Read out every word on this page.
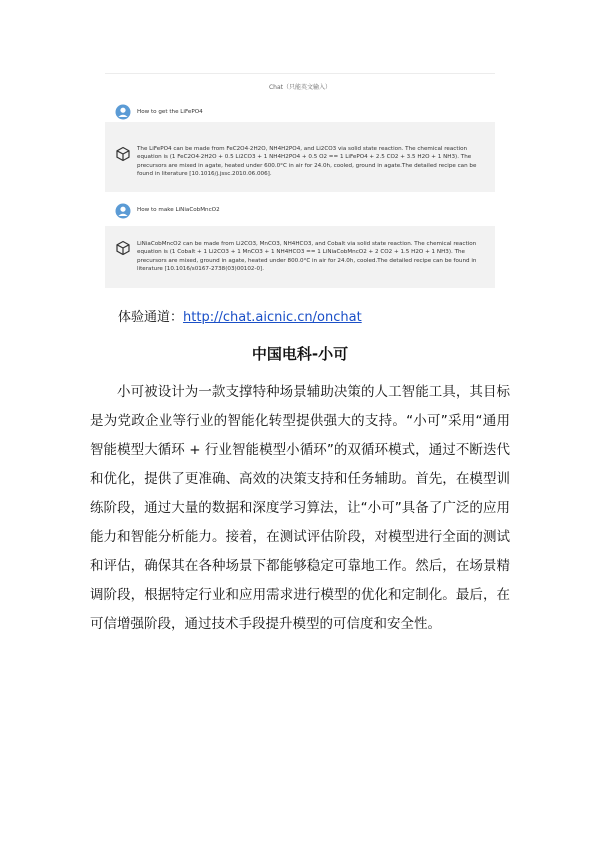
Chat（只能英文输入）
How to get the LiFePO4
The LiFePO4 can be made from FeC2O4·2H2O, NH4H2PO4, and Li2CO3 via solid state reaction. The chemical reaction equation is (1 FeC2O4·2H2O + 0.5 Li2CO3 + 1 NH4H2PO4 + 0.5 O2 == 1 LiFePO4 + 2.5 CO2 + 3.5 H2O + 1 NH3). The precursors are mixed in agate, heated under 600.0°C in air for 24.0h, cooled, ground in agate.The detailed recipe can be found in literature [10.1016/j.jssc.2010.06.006].
How to make LiNiaCobMncO2
LiNiaCobMncO2 can be made from Li2CO3, MnCO3, NH4HCO3, and Cobalt via solid state reaction. The chemical reaction equation is (1 Cobalt + 1 Li2CO3 + 1 MnCO3 + 1 NH4HCO3 == 1 LiNiaCobMncO2 + 2 CO2 + 1.5 H2O + 1 NH3). The precursors are mixed, ground in agate, heated under 800.0°C in air for 24.0h, cooled.The detailed recipe can be found in literature [10.1016/s0167-2738(03)00102-0].
体验通道：http://chat.aicnic.cn/onchat
中国电科-小可

小可被设计为一款支撑特种场景辅助决策的人工智能工具，其目标是为党政企业等行业的智能化转型提供强大的支持。“小可”采用“通用智能模型大循环 + 行业智能模型小循环”的双循环模式，通过不断迭代和优化，提供了更准确、高效的决策支持和任务辅助。首先，在模型训练阶段，通过大量的数据和深度学习算法，让“小可”具备了广泛的应用能力和智能分析能力。接着，在测试评估阶段，对模型进行全面的测试和评估，确保其在各种场景下都能够稳定可靠地工作。然后，在场景精调阶段，根据特定行业和应用需求进行模型的优化和定制化。最后，在可信增强阶段，通过技术手段提升模型的可信度和安全性。
